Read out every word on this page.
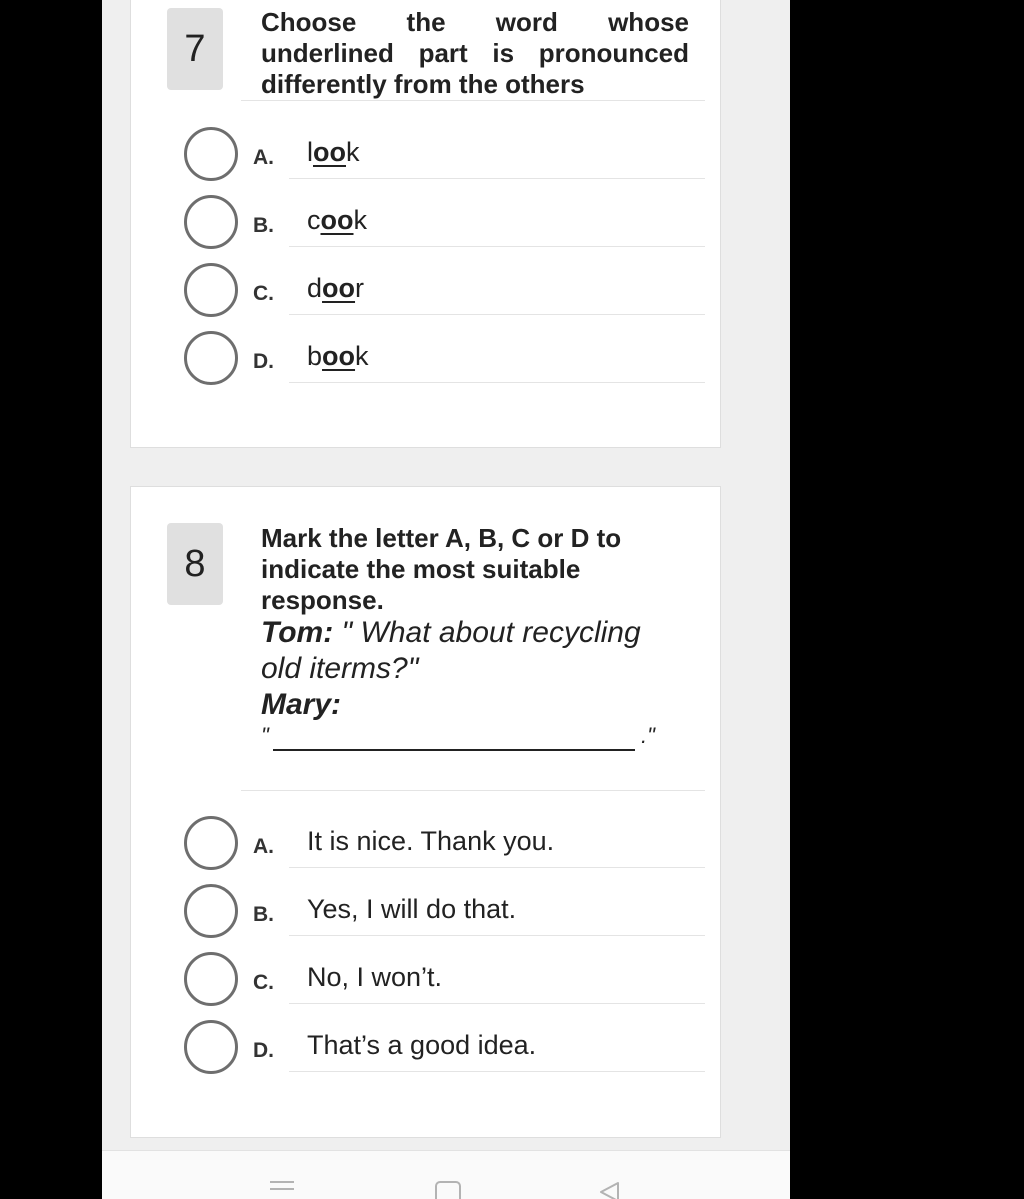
7
Choose the word whose underlined part is pronounced differently from the others
A. look
B. cook
C. door
D. book
8
Mark the letter A, B, C or D to indicate the most suitable response.
Tom: " What about recycling old iterms?"
Mary:
"	."
A. It is nice. Thank you.
B. Yes, I will do that.
C. No, I won’t.
D. That’s a good idea.
